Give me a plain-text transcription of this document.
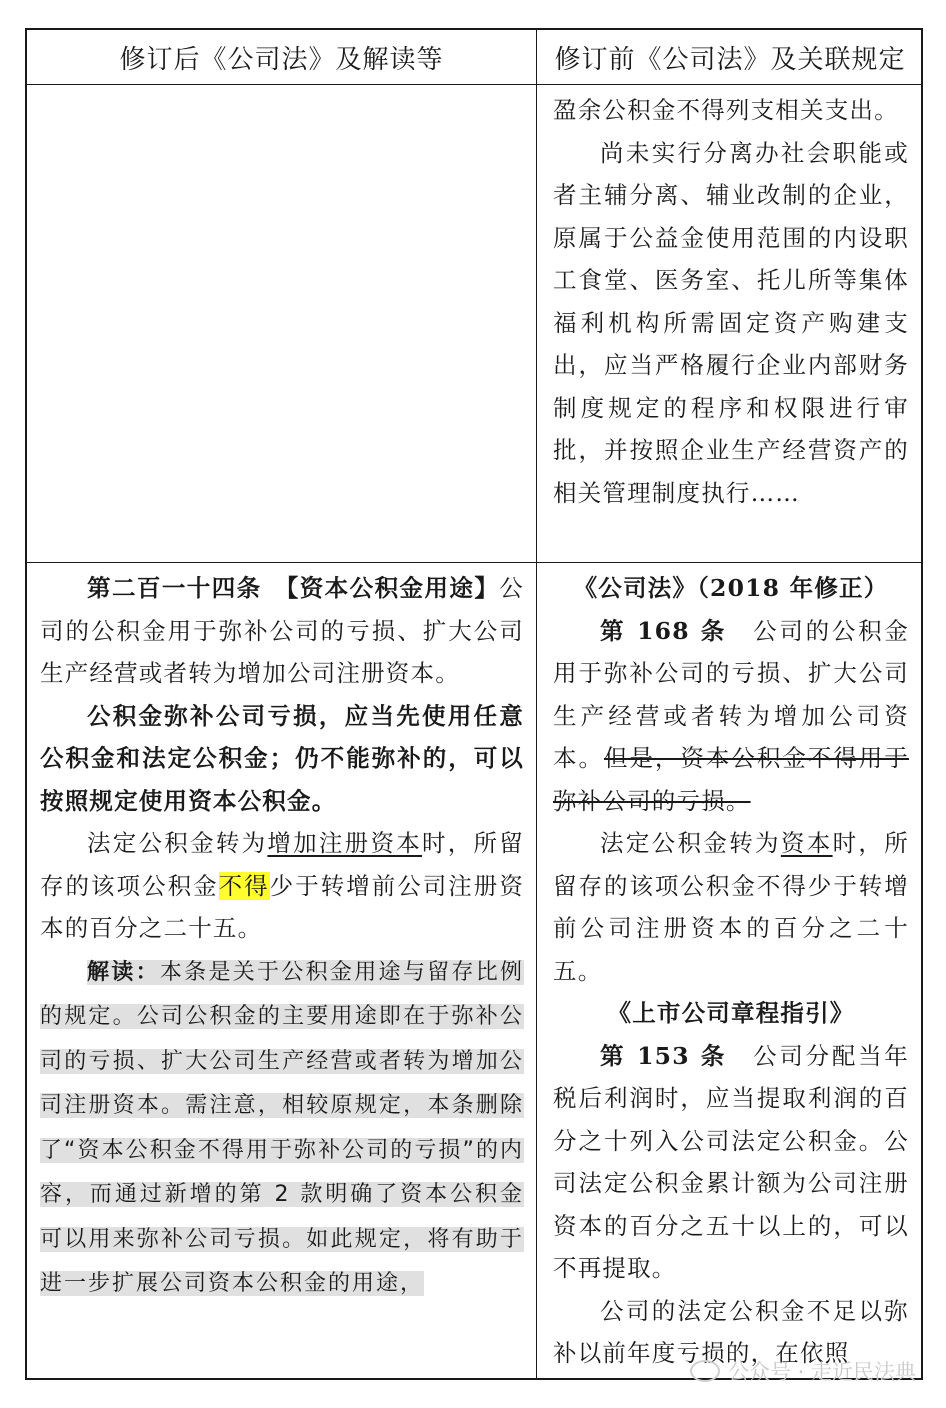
修订后《公司法》及解读等	修订前《公司法》及关联规定

盈余公积金不得列支相关支出。

尚未实行分离办社会职能或者主辅分离、辅业改制的企业，原属于公益金使用范围的内设职工食堂、医务室、托儿所等集体福利机构所需固定资产购建支出，应当严格履行企业内部财务制度规定的程序和权限进行审批，并按照企业生产经营资产的相关管理制度执行……

第二百一十四条　【资本公积金用途】公司的公积金用于弥补公司的亏损、扩大公司生产经营或者转为增加公司注册资本。

公积金弥补公司亏损，应当先使用任意公积金和法定公积金；仍不能弥补的，可以按照规定使用资本公积金。

法定公积金转为增加注册资本时，所留存的该项公积金不得少于转增前公司注册资本的百分之二十五。

解读：本条是关于公积金用途与留存比例的规定。公司公积金的主要用途即在于弥补公司的亏损、扩大公司生产经营或者转为增加公司注册资本。需注意，相较原规定，本条删除了“资本公积金不得用于弥补公司的亏损”的内容，而通过新增的第 2 款明确了资本公积金可以用来弥补公司亏损。如此规定，将有助于进一步扩展公司资本公积金的用途，

《公司法》（2018 年修正）

第 168 条　公司的公积金用于弥补公司的亏损、扩大公司生产经营或者转为增加公司资本。但是，资本公积金不得用于弥补公司的亏损。

法定公积金转为资本时，所留存的该项公积金不得少于转增前公司注册资本的百分之二十五。

《上市公司章程指引》

第 153 条　公司分配当年税后利润时，应当提取利润的百分之十列入公司法定公积金。公司法定公积金累计额为公司注册资本的百分之五十以上的，可以不再提取。

公司的法定公积金不足以弥补以前年度亏损的，在依照

公众号 · 走近民法典
